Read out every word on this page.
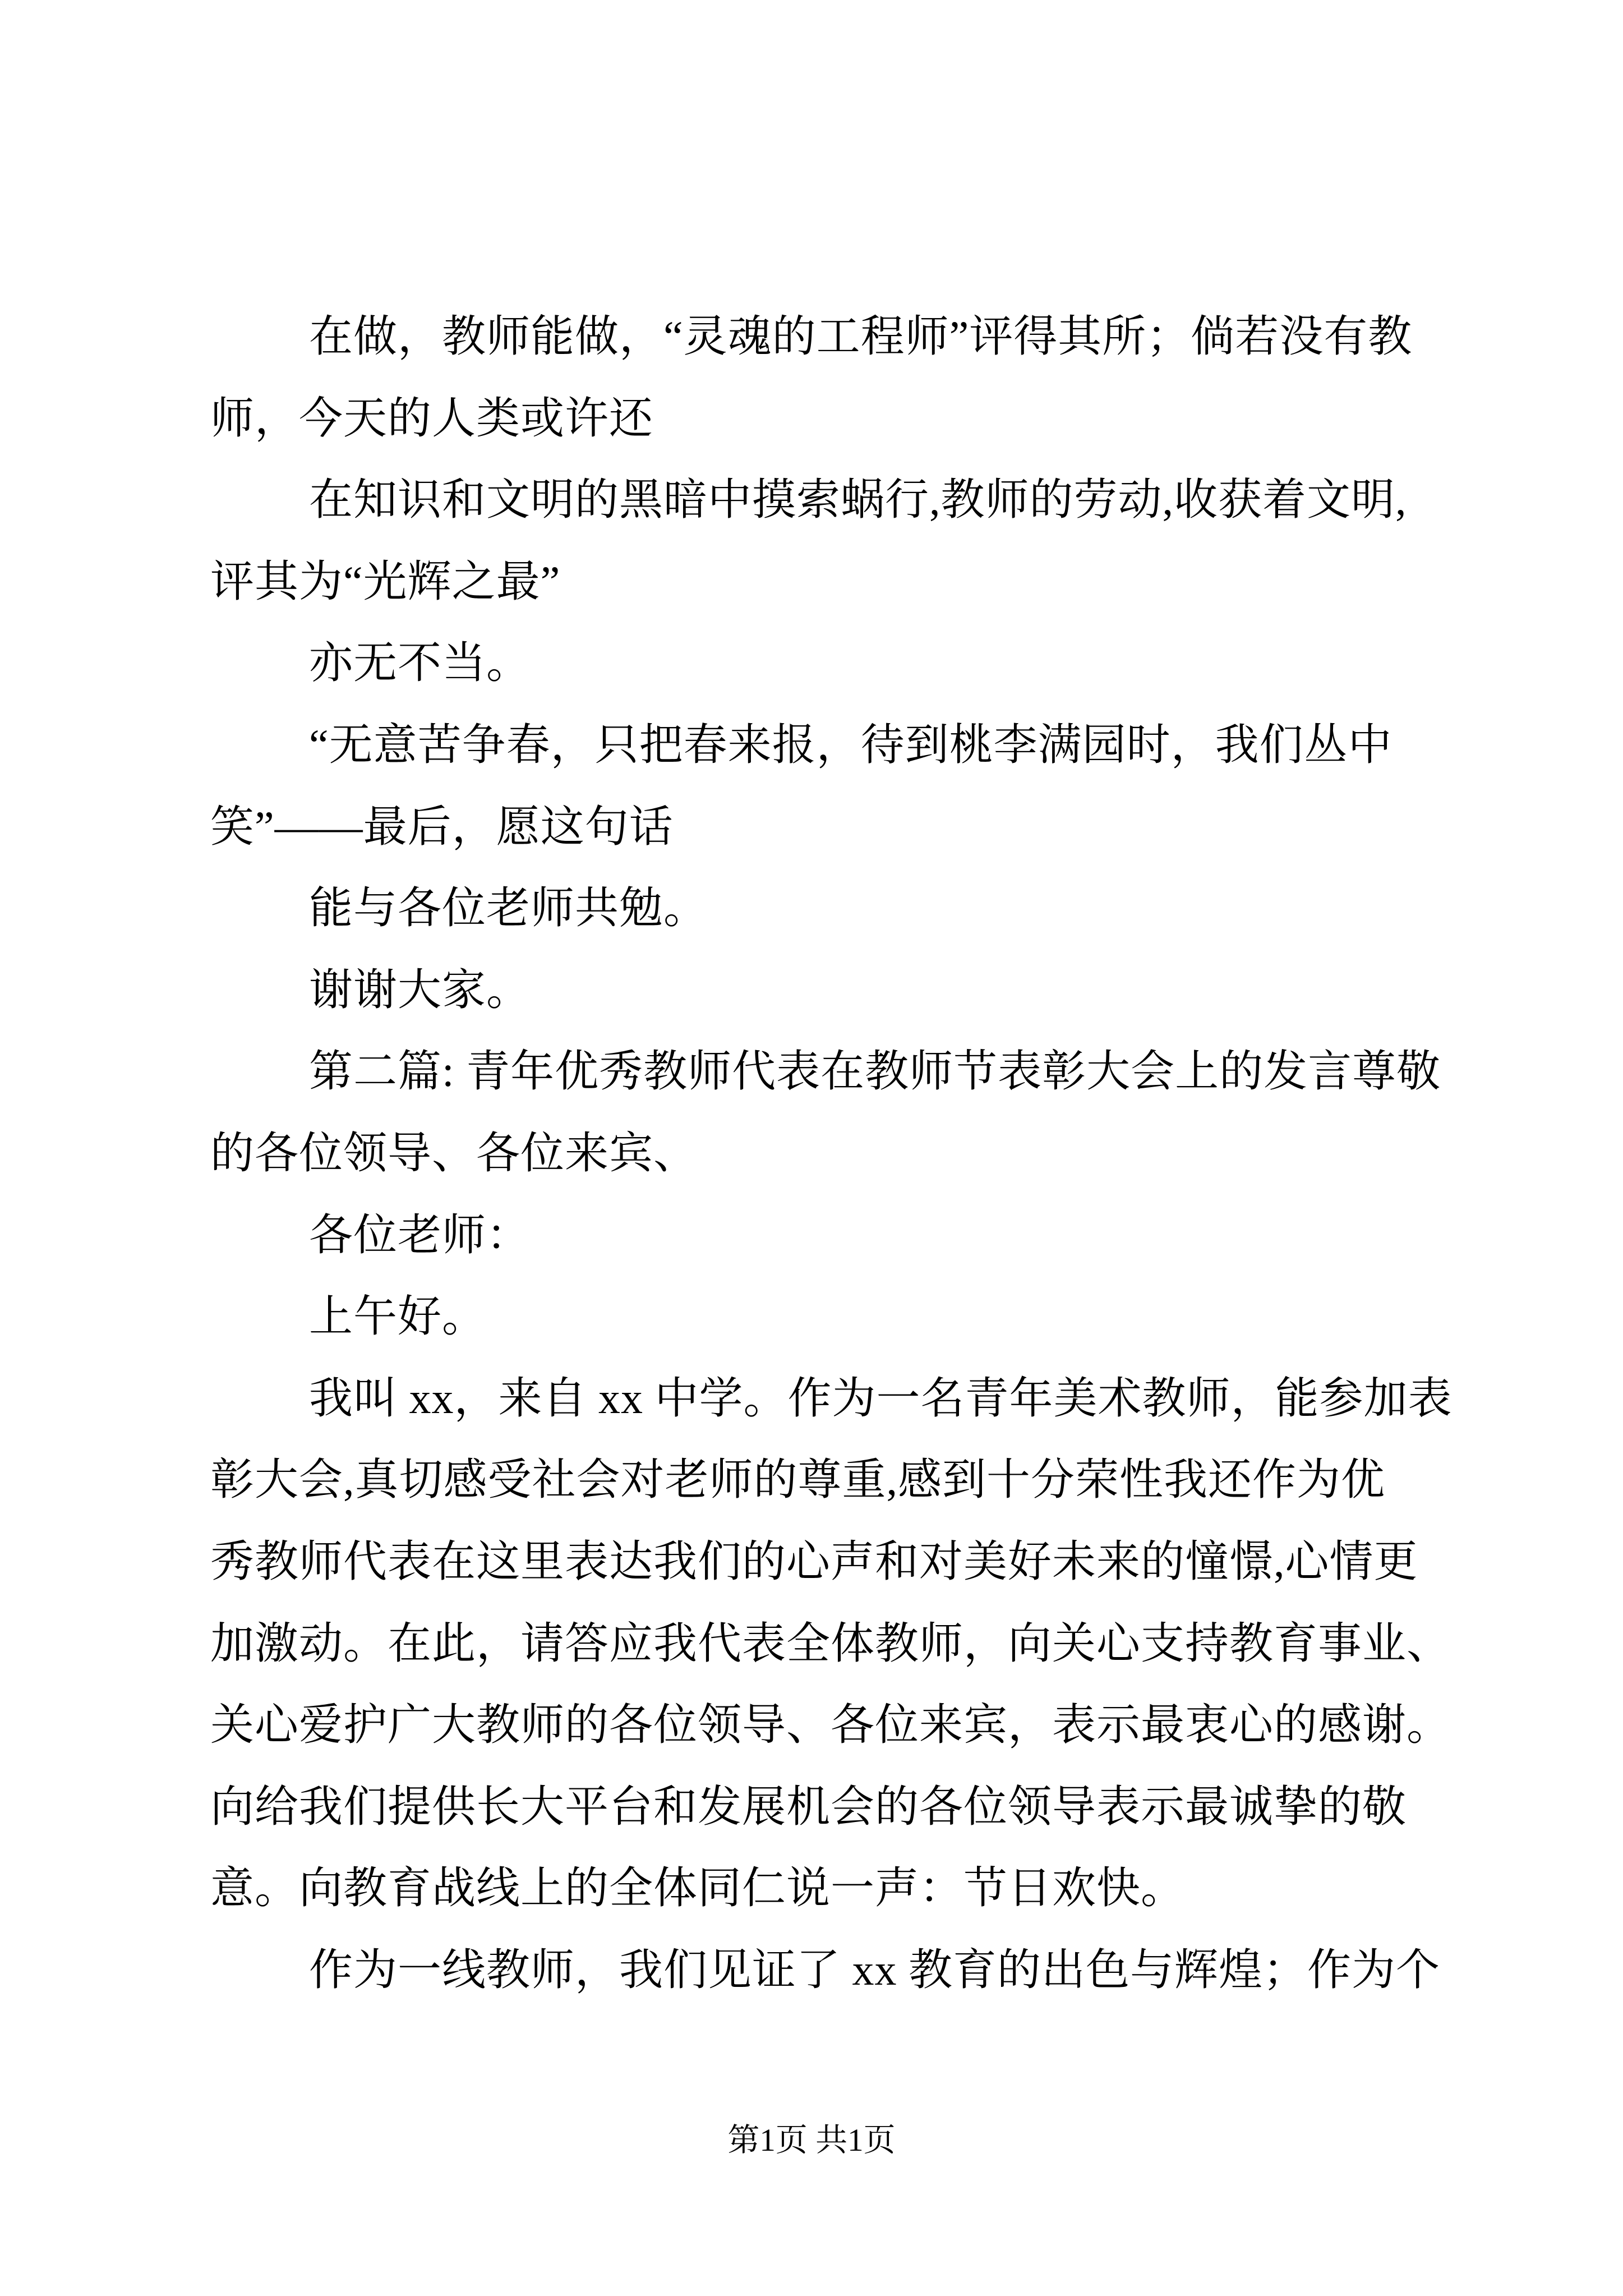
在做，教师能做，“灵魂的工程师”评得其所；倘若没有教
师，今天的人类或许还
在知识和文明的黑暗中摸索蜗行,教师的劳动,收获着文明,
评其为“光辉之最”
亦无不当。
“无意苦争春，只把春来报，待到桃李满园时，我们丛中
笑”——最后，愿这句话
能与各位老师共勉。
谢谢大家。
第二篇: 青年优秀教师代表在教师节表彰大会上的发言尊敬
的各位领导、各位来宾、
各位老师：
上午好。
我叫 xx，来自 xx 中学。作为一名青年美术教师，能参加表
彰大会,真切感受社会对老师的尊重,感到十分荣性我还作为优
秀教师代表在这里表达我们的心声和对美好未来的憧憬,心情更
加激动。在此，请答应我代表全体教师，向关心支持教育事业、
关心爱护广大教师的各位领导、各位来宾，表示最衷心的感谢。
向给我们提供长大平台和发展机会的各位领导表示最诚挚的敬
意。向教育战线上的全体同仁说一声：节日欢快。
作为一线教师，我们见证了 xx 教育的出色与辉煌；作为个
第1页 共1页
